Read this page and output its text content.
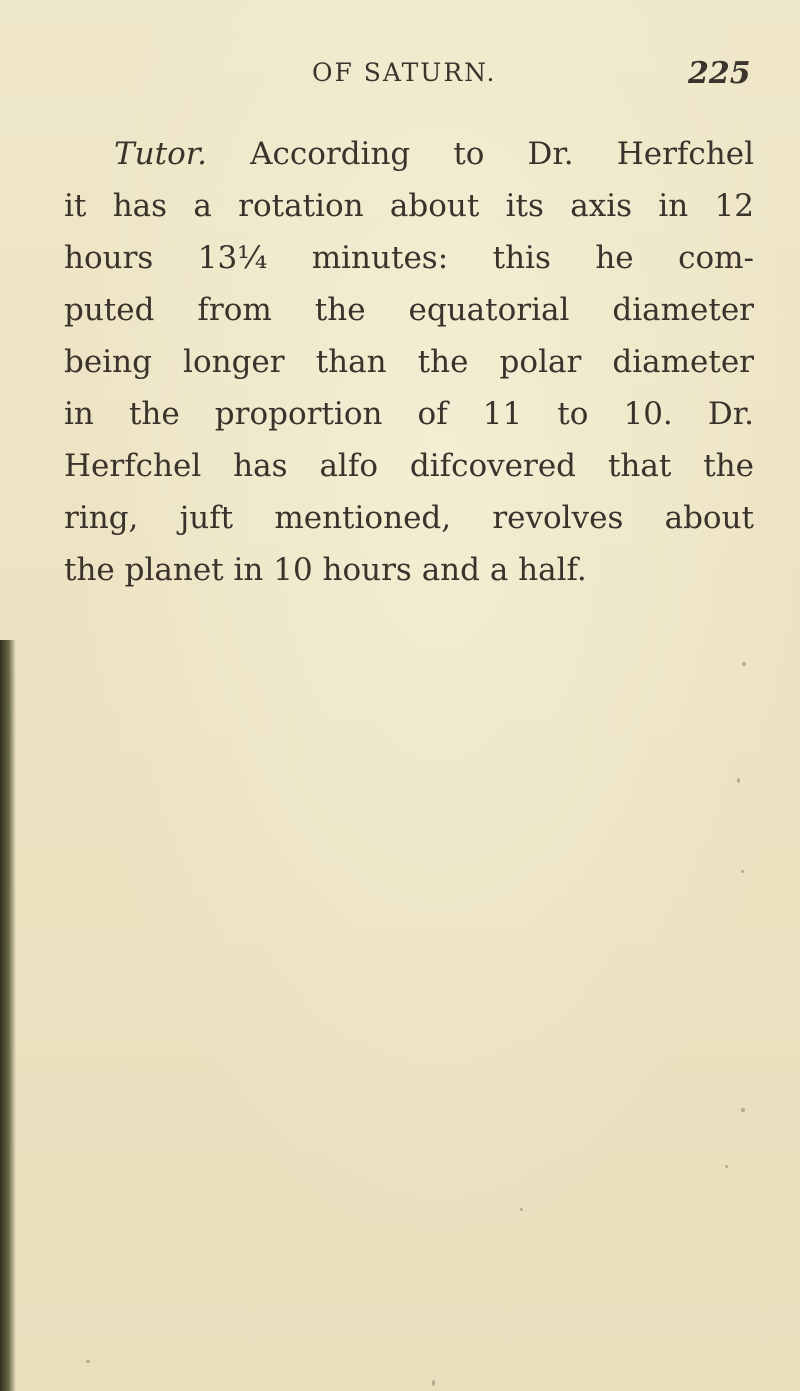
OF SATURN.	225
Tutor. According to Dr. Herfchel
it has a rotation about its axis in 12
hours 13¼ minutes: this he com-
puted from the equatorial diameter
being longer than the polar diameter
in the proportion of 11 to 10. Dr.
Herfchel has alfo difcovered that the
ring, juft mentioned, revolves about
the planet in 10 hours and a half.
